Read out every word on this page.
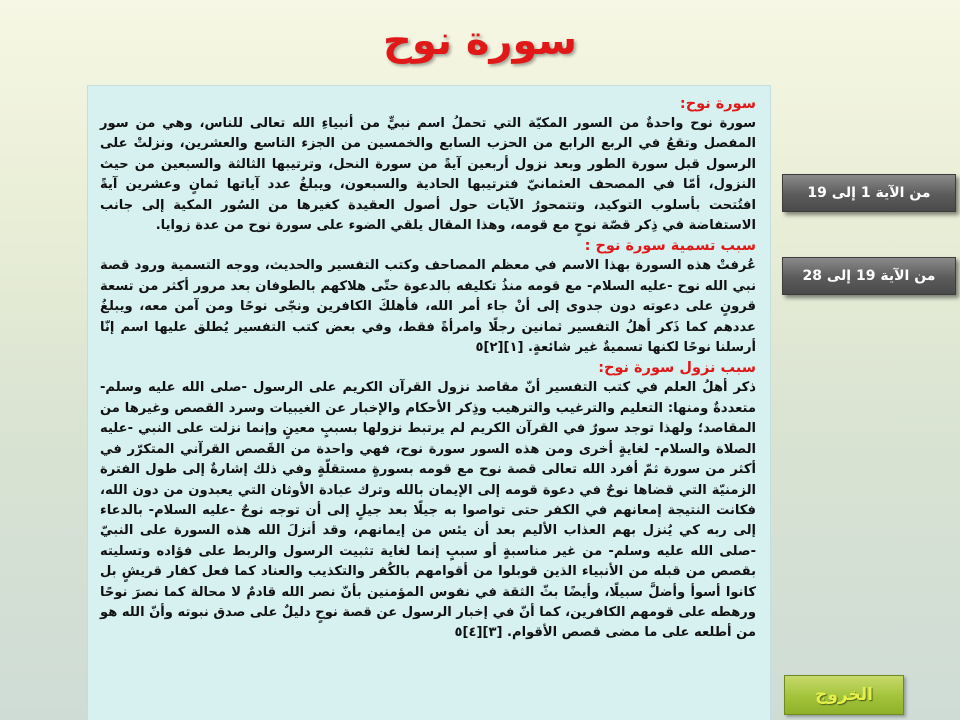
سورة نوح
سورة نوح:

سورة نوح واحدةٌ من السور المكيّة التي تحملُ اسم نبيٍّ من أنبياءِ الله تعالى للناس، وهي من سور المفصل وتقعُ في الربع الرابع من الحزب السابع والخمسين من الجزء التاسع والعشرين، ونزلتْ على الرسول قبل سورة الطور وبعد نزول أربعين آيةً من سورة النحل، وترتيبها الثالثة والسبعين من حيث النزول، أمّا في المصحف العثمانيّ فترتيبها الحادية والسبعون، ويبلغُ عدد آياتها ثمانٍ وعشرين آيةً افتُتحت بأسلوب التوكيد، وتتمحورُ الآيات حول أصول العقيدة كغيرها من السُور المكية إلى جانب الاستفاضة في ذِكر قصّة نوحٍ مع قومه، وهذا المقال يلقي الضوء على سورة نوح من عدة زوايا.

سبب تسمية سورة نوح :

عُرفتْ هذه السورة بهذا الاسم في معظم المصاحف وكتب التفسير والحديث، ووجه التسمية ورود قصة نبي الله نوح -عليه السلام- مع قومه منذُ تكليفه بالدعوة حتّى هلاكهم بالطوفان بعد مرور أكثر من تسعة قرونٍ على دعوته دون جدوى إلى أنْ جاء أمر الله، فأهلكَ الكافرين ونجّى نوحًا ومن آمن معه، ويبلغُ عددهم كما ذَكر أهلُ التفسير ثمانين رجلًا وامرأةً فقط، وفي بعض كتب التفسير يُطلق عليها اسم إنّا أرسلنا نوحًا لكنها تسميةٌ غير شائعةٍ. [١][٢]٥

سبب نزول سورة نوح:

ذكر أهلُ العلم في كتب التفسير أنّ مقاصد نزول القرآن الكريم على الرسول -صلى الله عليه وسلم- متعددةٌ ومنها: التعليم والترغيب والترهيب وذِكر الأحكام والإخبار عن الغيبيات وسرد القصص وغيرها من المقاصد؛ ولهذا توجد سورٌ في القرآن الكريم لم يرتبط نزولها بسببٍ معينٍ وإنما نزلت على النبي -عليه الصلاة والسلام- لغايةٍ أخرى ومن هذه السور سورة نوح، فهي واحدة من القَصص القرآني المتكرّر في أكثر من سورة ثمّ أفرد الله تعالى قصة نوح مع قومه بسورةٍ مستقلّةٍ وفي ذلك إشارةٌ إلى طول الفترة الزمنيّة التي قضاها نوحٌ في دعوة قومه إلى الإيمان بالله وترك عبادة الأوثان التي يعبدون من دون الله، فكانت النتيجة إمعانهم في الكفر حتى تواصوا به جيلًا بعد جيلٍ إلى أن توجه نوحٌ -عليه السلام- بالدعاء إلى ربه كي يُنزل بهم العذاب الأليم بعد أن يئس من إيمانهم، وقد أنزلَ الله هذه السورة على النبيّ -صلى الله عليه وسلم- من غير مناسبةٍ أو سببٍ إنما لغاية تثبيت الرسول والربط على فؤاده وتسليته بقصص من قبله من الأنبياء الذين قوبلوا من أقوامهم بالكُفر والتكذيب والعناد كما فعل كفار قريشٍ بل كانوا أسوأ وأضلَّ سبيلًا، وأيضًا بثّ الثقة في نفوس المؤمنين بأنّ نصر الله قادمٌ لا محالة كما نصرَ نوحًا ورهطه على قومهم الكافرين، كما أنّ في إخبار الرسول عن قصة نوحٍ دليلٌ على صدق نبوته وأنّ الله هو من أطلعه على ما مضى قصص الأقوام. [٣][٤]٥

من الآية 1 إلى 19
من الآية 19 إلى 28
الخروج
